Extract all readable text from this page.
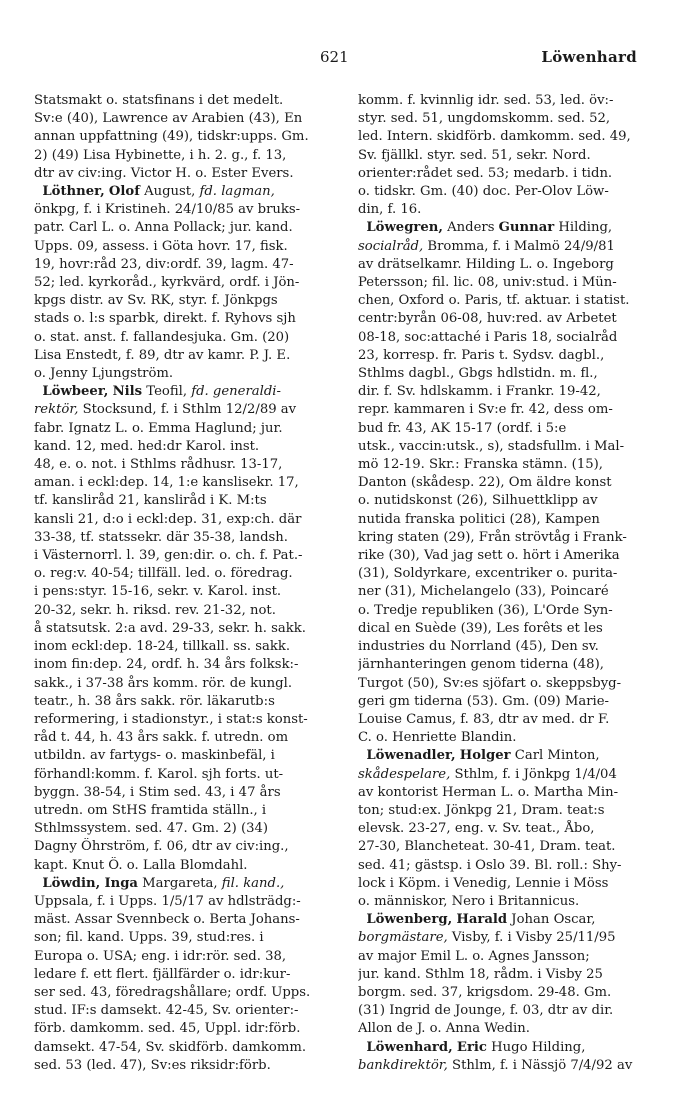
621	Löwenhard
Statsmakt o. statsfinans i det medelt.
Sv:e (40), Lawrence av Arabien (43), En
annan uppfattning (49), tidskr:upps. Gm.
2) (49) Lisa Hybinette, i h. 2. g., f. 13,
dtr av civ:ing. Victor H. o. Ester Evers.
Löthner, Olof August, fd. lagman,
önkpg, f. i Kristineh. 24/10/85 av bruks-
patr. Carl L. o. Anna Pollack; jur. kand.
Upps. 09, assess. i Göta hovr. 17, fisk.
19, hovr:råd 23, div:ordf. 39, lagm. 47-
52; led. kyrkoråd., kyrkvärd, ordf. i Jön-
kpgs distr. av Sv. RK, styr. f. Jönkpgs
stads o. l:s sparbk, direkt. f. Ryhovs sjh
o. stat. anst. f. fallandesjuka. Gm. (20)
Lisa Enstedt, f. 89, dtr av kamr. P. J. E.
o. Jenny Ljungström.
Löwbeer, Nils Teofil, fd. generaldi-
rektör, Stocksund, f. i Sthlm 12/2/89 av
fabr. Ignatz L. o. Emma Haglund; jur.
kand. 12, med. hed:dr Karol. inst.
48, e. o. not. i Sthlms rådhusr. 13-17,
aman. i eckl:dep. 14, 1:e kanslisekr. 17,
tf. kansliråd 21, kansliråd i K. M:ts
kansli 21, d:o i eckl:dep. 31, exp:ch. där
33-38, tf. statssekr. där 35-38, landsh.
i Västernorrl. l. 39, gen:dir. o. ch. f. Pat.-
o. reg:v. 40-54; tillfäll. led. o. föredrag.
i pens:styr. 15-16, sekr. v. Karol. inst.
20-32, sekr. h. riksd. rev. 21-32, not.
å statsutsk. 2:a avd. 29-33, sekr. h. sakk.
inom eckl:dep. 18-24, tillkall. ss. sakk.
inom fin:dep. 24, ordf. h. 34 års folksk:-
sakk., i 37-38 års komm. rör. de kungl.
teatr., h. 38 års sakk. rör. läkarutb:s
reformering, i stadionstyr., i stat:s konst-
råd t. 44, h. 43 års sakk. f. utredn. om
utbildn. av fartygs- o. maskinbefäl, i
förhandl:komm. f. Karol. sjh forts. ut-
byggn. 38-54, i Stim sed. 43, i 47 års
utredn. om StHS framtida ställn., i
Sthlmssystem. sed. 47. Gm. 2) (34)
Dagny Öhrström, f. 06, dtr av civ:ing.,
kapt. Knut Ö. o. Lalla Blomdahl.
Löwdin, Inga Margareta, fil. kand.,
Uppsala, f. i Upps. 1/5/17 av hdlsträdg:-
mäst. Assar Svennbeck o. Berta Johans-
son; fil. kand. Upps. 39, stud:res. i
Europa o. USA; eng. i idr:rör. sed. 38,
ledare f. ett flert. fjällfärder o. idr:kur-
ser sed. 43, föredragshållare; ordf. Upps.
stud. IF:s damsekt. 42-45, Sv. orienter:-
förb. damkomm. sed. 45, Uppl. idr:förb.
damsekt. 47-54, Sv. skidförb. damkomm.
sed. 53 (led. 47), Sv:es riksidr:förb.
komm. f. kvinnlig idr. sed. 53, led. öv:-
styr. sed. 51, ungdomskomm. sed. 52,
led. Intern. skidförb. damkomm. sed. 49,
Sv. fjällkl. styr. sed. 51, sekr. Nord.
orienter:rådet sed. 53; medarb. i tidn.
o. tidskr. Gm. (40) doc. Per-Olov Löw-
din, f. 16.
Löwegren, Anders Gunnar Hilding,
socialråd, Bromma, f. i Malmö 24/9/81
av drätselkamr. Hilding L. o. Ingeborg
Petersson; fil. lic. 08, univ:stud. i Mün-
chen, Oxford o. Paris, tf. aktuar. i statist.
centr:byrån 06-08, huv:red. av Arbetet
08-18, soc:attaché i Paris 18, socialråd
23, korresp. fr. Paris t. Sydsv. dagbl.,
Sthlms dagbl., Gbgs hdlstidn. m. fl.,
dir. f. Sv. hdlskamm. i Frankr. 19-42,
repr. kammaren i Sv:e fr. 42, dess om-
bud fr. 43, AK 15-17 (ordf. i 5:e
utsk., vaccin:utsk., s), stadsfullm. i Mal-
mö 12-19. Skr.: Franska stämn. (15),
Danton (skådesp. 22), Om äldre konst
o. nutidskonst (26), Silhuettklipp av
nutida franska politici (28), Kampen
kring staten (29), Från strövtåg i Frank-
rike (30), Vad jag sett o. hört i Amerika
(31), Soldyrkare, excentriker o. purita-
ner (31), Michelangelo (33), Poincaré
o. Tredje republiken (36), L'Orde Syn-
dical en Suède (39), Les forêts et les
industries du Norrland (45), Den sv.
järnhanteringen genom tiderna (48),
Turgot (50), Sv:es sjöfart o. skeppsbyg-
geri gm tiderna (53). Gm. (09) Marie-
Louise Camus, f. 83, dtr av med. dr F.
C. o. Henriette Blandin.
Löwenadler, Holger Carl Minton,
skådespelare, Sthlm, f. i Jönkpg 1/4/04
av kontorist Herman L. o. Martha Min-
ton; stud:ex. Jönkpg 21, Dram. teat:s
elevsk. 23-27, eng. v. Sv. teat., Åbo,
27-30, Blancheteat. 30-41, Dram. teat.
sed. 41; gästsp. i Oslo 39. Bl. roll.: Shy-
lock i Köpm. i Venedig, Lennie i Möss
o. människor, Nero i Britannicus.
Löwenberg, Harald Johan Oscar,
borgmästare, Visby, f. i Visby 25/11/95
av major Emil L. o. Agnes Jansson;
jur. kand. Sthlm 18, rådm. i Visby 25
borgm. sed. 37, krigsdom. 29-48. Gm.
(31) Ingrid de Jounge, f. 03, dtr av dir.
Allon de J. o. Anna Wedin.
Löwenhard, Eric Hugo Hilding,
bankdirektör, Sthlm, f. i Nässjö 7/4/92 av
